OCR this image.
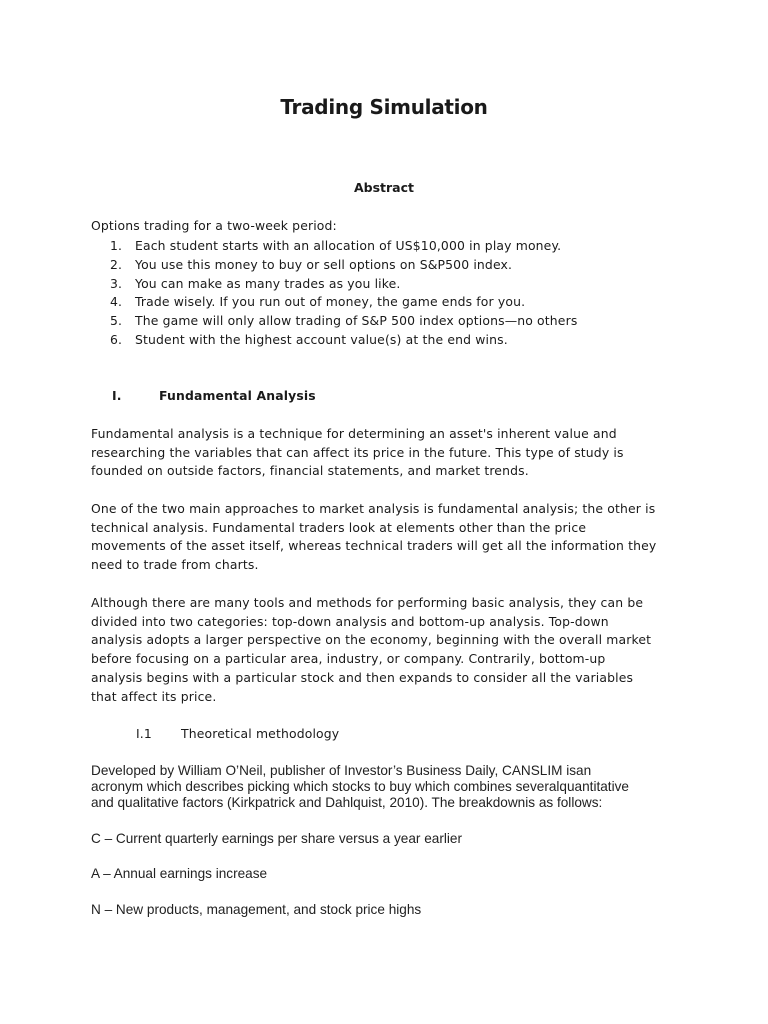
Trading Simulation
Abstract
Options trading for a two-week period:
1. Each student starts with an allocation of US$10,000 in play money.
2. You use this money to buy or sell options on S&P500 index.
3. You can make as many trades as you like.
4. Trade wisely. If you run out of money, the game ends for you.
5. The game will only allow trading of S&P 500 index options—no others
6. Student with the highest account value(s) at the end wins.
I.	Fundamental Analysis
Fundamental analysis is a technique for determining an asset's inherent value and
researching the variables that can affect its price in the future. This type of study is
founded on outside factors, financial statements, and market trends.
One of the two main approaches to market analysis is fundamental analysis; the other is
technical analysis. Fundamental traders look at elements other than the price
movements of the asset itself, whereas technical traders will get all the information they
need to trade from charts.
Although there are many tools and methods for performing basic analysis, they can be
divided into two categories: top-down analysis and bottom-up analysis. Top-down
analysis adopts a larger perspective on the economy, beginning with the overall market
before focusing on a particular area, industry, or company. Contrarily, bottom-up
analysis begins with a particular stock and then expands to consider all the variables
that affect its price.
I.1 Theoretical methodology
Developed by William O’Neil, publisher of Investor’s Business Daily, CANSLIM isan
acronym which describes picking which stocks to buy which combines severalquantitative
and qualitative factors (Kirkpatrick and Dahlquist, 2010). The breakdownis as follows:
C – Current quarterly earnings per share versus a year earlier
A – Annual earnings increase
N – New products, management, and stock price highs
